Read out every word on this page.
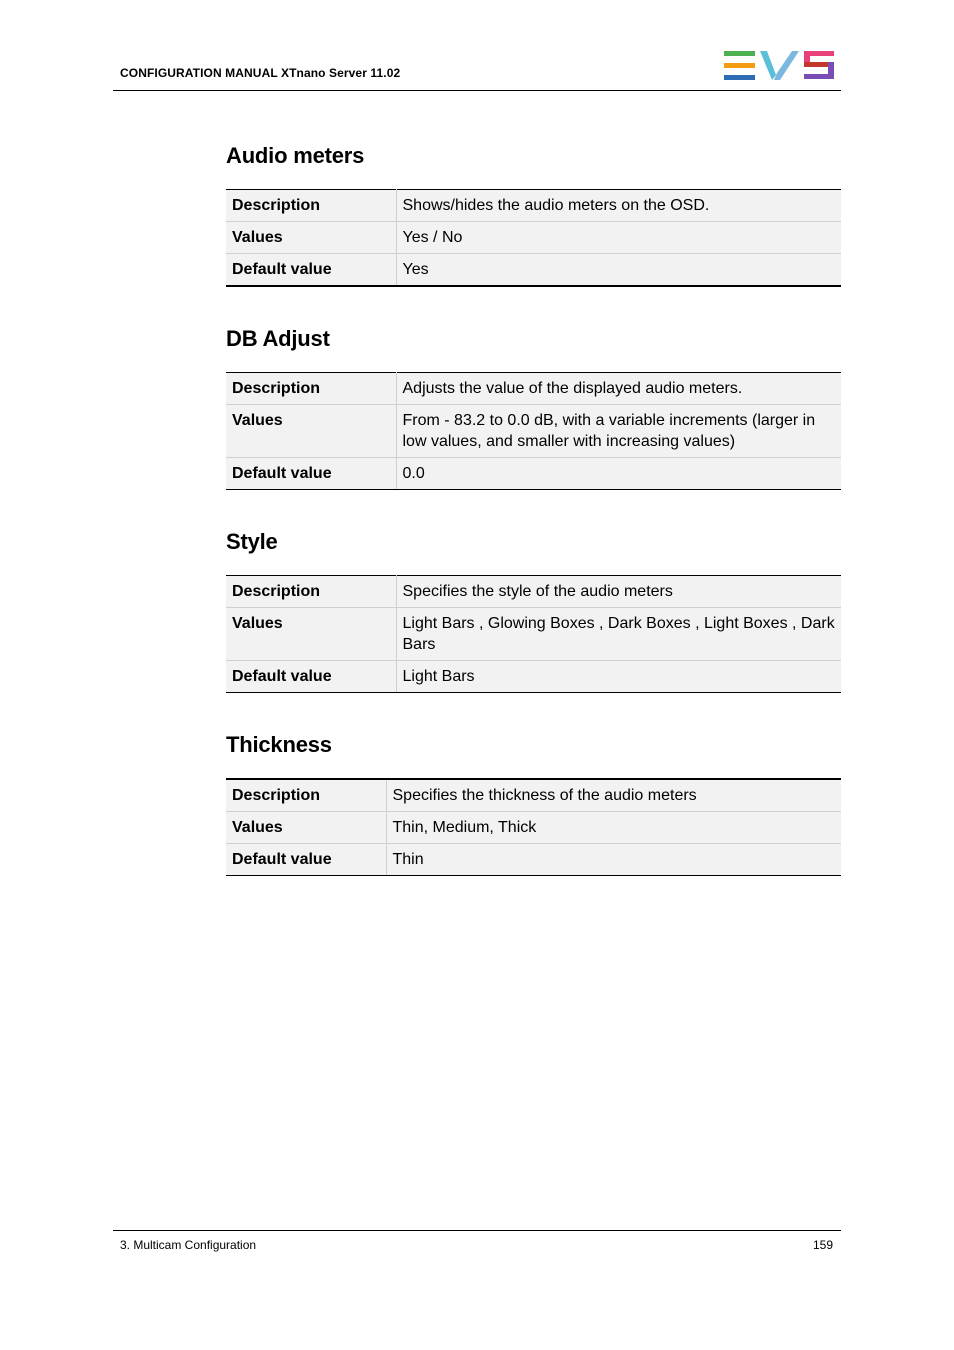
CONFIGURATION MANUAL XTnano Server 11.02
Audio meters
Description	Shows/hides the audio meters on the OSD.
Values	Yes / No
Default value	Yes
DB Adjust
Description	Adjusts the value of the displayed audio meters.
Values	From - 83.2 to 0.0 dB, with a variable increments (larger in low values, and smaller with increasing values)
Default value	0.0
Style
Description	Specifies the style of the audio meters
Values	Light Bars , Glowing Boxes , Dark Boxes , Light Boxes , Dark Bars
Default value	Light Bars
Thickness
Description	Specifies the thickness of the audio meters
Values	Thin, Medium, Thick
Default value	Thin
3. Multicam Configuration	159
